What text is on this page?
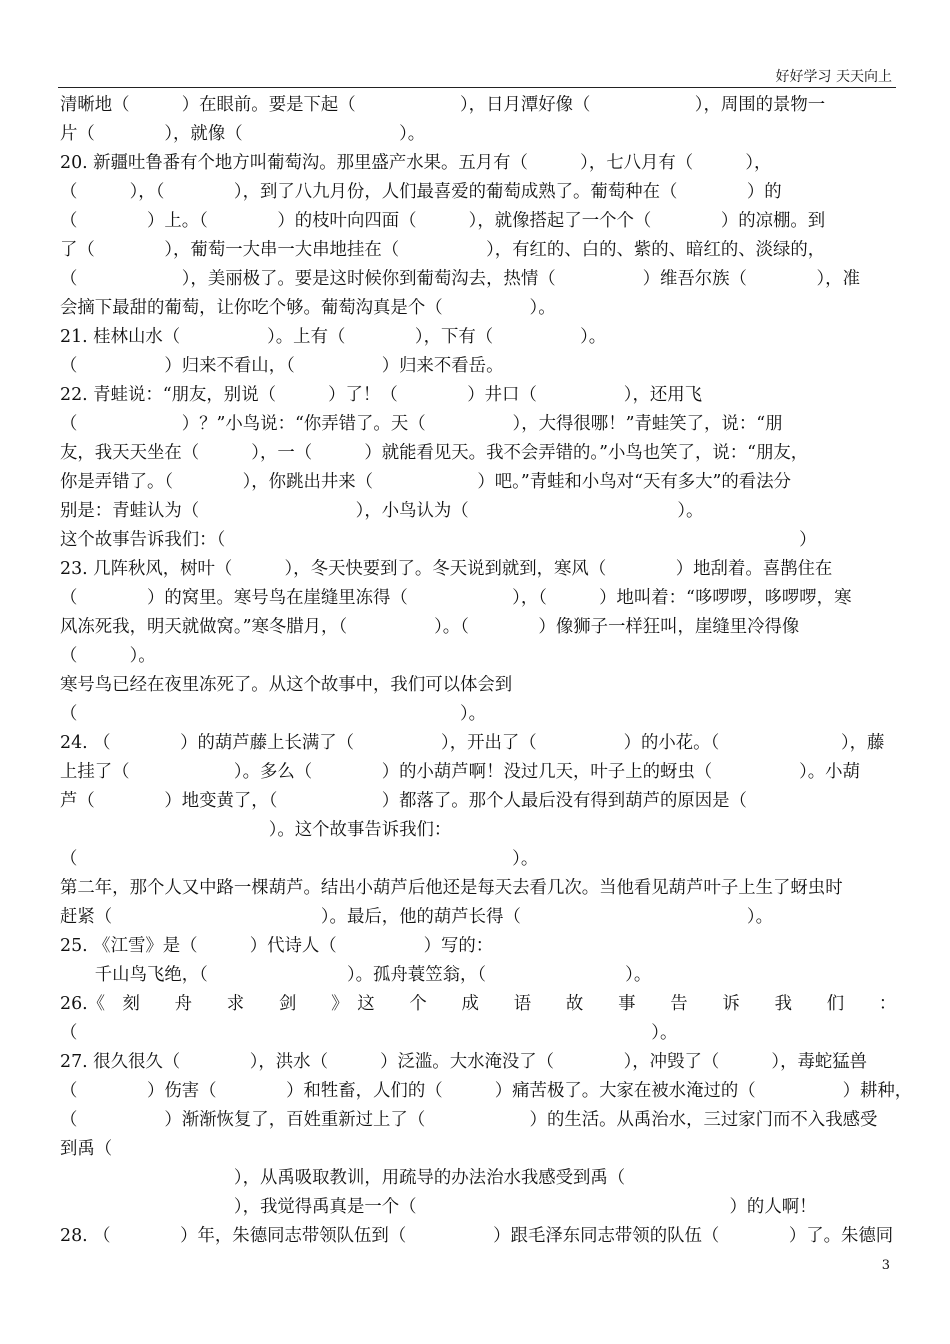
好好学习 天天向上
清晰地（　　　）在眼前。要是下起（　　　　　　），日月潭好像（　　　　　　），周围的景物一
片（　　　　），就像（　　　　　　　　　）。
20. 新疆吐鲁番有个地方叫葡萄沟。那里盛产水果。五月有（　　　），七八月有（　　　），
（　　　），（　　　　），到了八九月份，人们最喜爱的葡萄成熟了。葡萄种在（　　　　）的
（　　　　）上。（　　　　）的枝叶向四面（　　　），就像搭起了一个个（　　　　）的凉棚。到
了（　　　　），葡萄一大串一大串地挂在（　　　　　），有红的、白的、紫的、暗红的、淡绿的，
（　　　　　　），美丽极了。要是这时候你到葡萄沟去，热情（　　　　　）维吾尔族（　　　　），准
会摘下最甜的葡萄，让你吃个够。葡萄沟真是个（　　　　　）。
21. 桂林山水（　　　　　）。上有（　　　　），下有（　　　　　）。
（　　　　　）归来不看山，（　　　　　）归来不看岳。
22. 青蛙说：“朋友，别说（　　　）了！（　　　　）井口（　　　　　），还用飞
（　　　　　　）？”小鸟说：“你弄错了。天（　　　　　），大得很哪！”青蛙笑了，说：“朋
友，我天天坐在（　　　），一（　　　）就能看见天。我不会弄错的。”小鸟也笑了，说：“朋友，
你是弄错了。（　　　　），你跳出井来（　　　　　　）吧。”青蛙和小鸟对“天有多大”的看法分
别是：青蛙认为（　　　　　　　　　），小鸟认为（　　　　　　　　　　　　）。
这个故事告诉我们：（　　　　　　　　　　　　　　　　　　　　　　　　　　　　　　　　　）
23. 几阵秋风，树叶（　　　），冬天快要到了。冬天说到就到，寒风（　　　　）地刮着。喜鹊住在
（　　　　）的窝里。寒号鸟在崖缝里冻得（　　　　　　），（　　　）地叫着：“哆啰啰，哆啰啰，寒
风冻死我，明天就做窝。”寒冬腊月，（　　　　　）。（　　　　）像狮子一样狂叫，崖缝里冷得像
（　　　）。
寒号鸟已经在夜里冻死了。从这个故事中，我们可以体会到
（　　　　　　　　　　　　　　　　　　　　　　）。
24. （　　　　）的葫芦藤上长满了（　　　　　），开出了（　　　　　）的小花。（　　　　　　　），藤
上挂了（　　　　　　）。多么（　　　　）的小葫芦啊！没过几天，叶子上的蚜虫（　　　　　）。小葫
芦（　　　　）地变黄了，（　　　　　　）都落了。那个人最后没有得到葫芦的原因是（
　　　　　　　　　　　　）。这个故事告诉我们：
（　　　　　　　　　　　　　　　　　　　　　　　　　）。
第二年，那个人又中路一棵葫芦。结出小葫芦后他还是每天去看几次。当他看见葫芦叶子上生了蚜虫时
赶紧（　　　　　　　　　　　　）。最后，他的葫芦长得（　　　　　　　　　　　　　）。
25. 《江雪》是（　　　）代诗人（　　　　　）写的：
　　千山鸟飞绝，（　　　　　　　　）。孤舟蓑笠翁，（　　　　　　　　）。
26.《　刻　　舟　　求　　剑　　》　这　　个　　成　　语　　故　　事　　告　　诉　　我　　们　　：
（　　　　　　　　　　　　　　　　　　　　　　　　　　　　　　　　　）。
27. 很久很久（　　　　），洪水（　　　）泛滥。大水淹没了（　　　　），冲毁了（　　　），毒蛇猛兽
（　　　　）伤害（　　　　）和牲畜，人们的（　　　）痛苦极了。大家在被水淹过的（　　　　　）耕种，
（　　　　　）渐渐恢复了，百姓重新过上了（　　　　　　）的生活。从禹治水，三过家门而不入我感受
到禹（
　　　　　　　　　　），从禹吸取教训，用疏导的办法治水我感受到禹（
　　　　　　　　　　），我觉得禹真是一个（　　　　　　　　　　　　　　　　　　）的人啊！
28. （　　　　）年，朱德同志带领队伍到（　　　　　）跟毛泽东同志带领的队伍（　　　　）了。朱德同
3
